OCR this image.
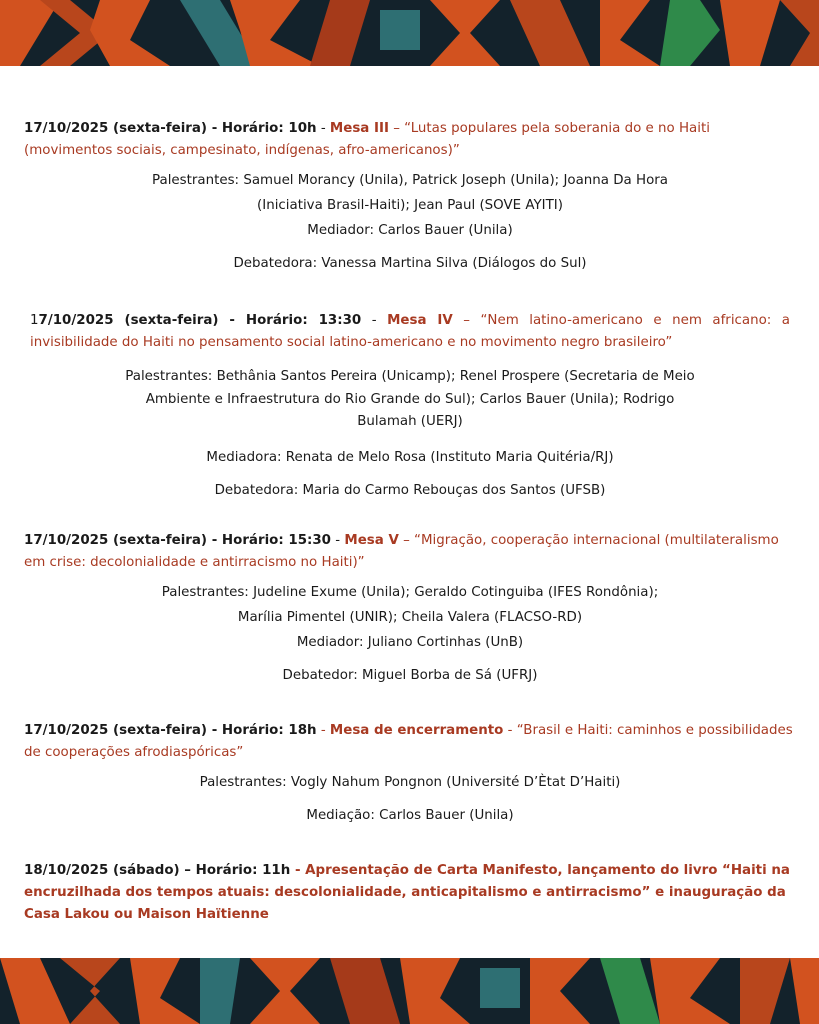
17/10/2025 (sexta-feira) - Horário: 10h - Mesa III – “Lutas populares pela soberania do e no Haiti (movimentos sociais, campesinato, indígenas, afro-americanos)”

Palestrantes: Samuel Morancy (Unila), Patrick Joseph (Unila); Joanna Da Hora

(Iniciativa Brasil-Haiti); Jean Paul (SOVE AYITI)

Mediador: Carlos Bauer (Unila)

Debatedora: Vanessa Martina Silva (Diálogos do Sul)

17/10/2025 (sexta-feira) - Horário: 13:30 - Mesa IV – “Nem latino-americano e nem africano: a invisibilidade do Haiti no pensamento social latino-americano e no movimento negro brasileiro”

Palestrantes: Bethânia Santos Pereira (Unicamp); Renel Prospere (Secretaria de Meio

Ambiente e Infraestrutura do Rio Grande do Sul); Carlos Bauer (Unila); Rodrigo

Bulamah (UERJ)

Mediadora: Renata de Melo Rosa (Instituto Maria Quitéria/RJ)

Debatedora: Maria do Carmo Rebouças dos Santos (UFSB)

17/10/2025 (sexta-feira) - Horário: 15:30 - Mesa V – “Migração, cooperação internacional (multilateralismo em crise: decolonialidade e antirracismo no Haiti)”

Palestrantes: Judeline Exume (Unila); Geraldo Cotinguiba (IFES Rondônia);

Marília Pimentel (UNIR); Cheila Valera (FLACSO-RD)

Mediador: Juliano Cortinhas (UnB)

Debatedor: Miguel Borba de Sá (UFRJ)

17/10/2025 (sexta-feira) - Horário: 18h - Mesa de encerramento - “Brasil e Haiti: caminhos e possibilidades de cooperações afrodiaspóricas”

Palestrantes: Vogly Nahum Pongnon (Université D’Ètat D’Haiti)

Mediação: Carlos Bauer (Unila)

18/10/2025 (sábado) – Horário: 11h - Apresentação de Carta Manifesto, lançamento do livro “Haiti na encruzilhada dos tempos atuais: descolonialidade, anticapitalismo e antirracismo” e inauguração da Casa Lakou ou Maison Haïtienne
